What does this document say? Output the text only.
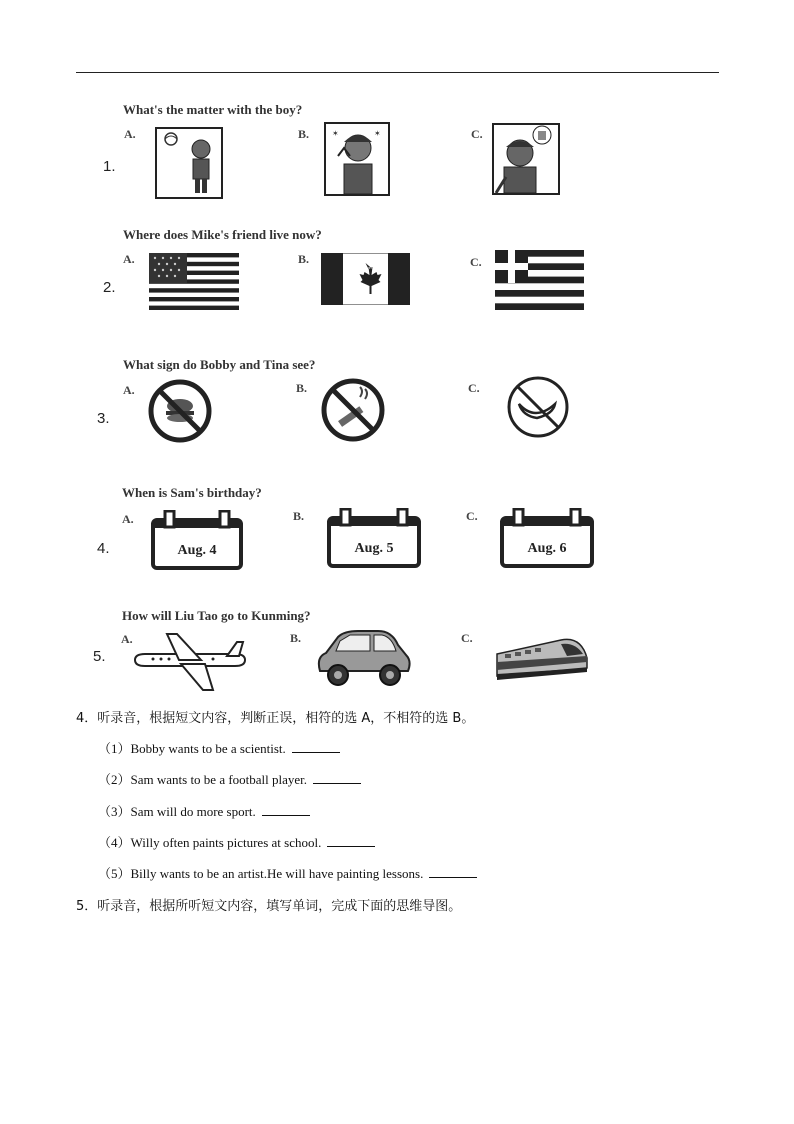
What's the matter with the boy?
1.
A.	B.	C.
✶	✶
Where does Mike's friend live now?
2.
A.	B.	C.
What sign do Bobby and Tina see?
3.
A.	B.	C.
When is Sam's birthday?
4.
A.	B.	C.
Aug. 4	Aug. 5	Aug. 6
How will Liu Tao go to Kunming?
5.
A.	B.	C.
4．听录音，根据短文内容，判断正误，相符的选 A，不相符的选 B。
（1）Bobby wants to be a scientist.
（2）Sam wants to be a football player.
（3）Sam will do more sport.
（4）Willy often paints pictures at school.
（5）Billy wants to be an artist.He will have painting lessons.
5．听录音，根据所听短文内容，填写单词，完成下面的思维导图。
